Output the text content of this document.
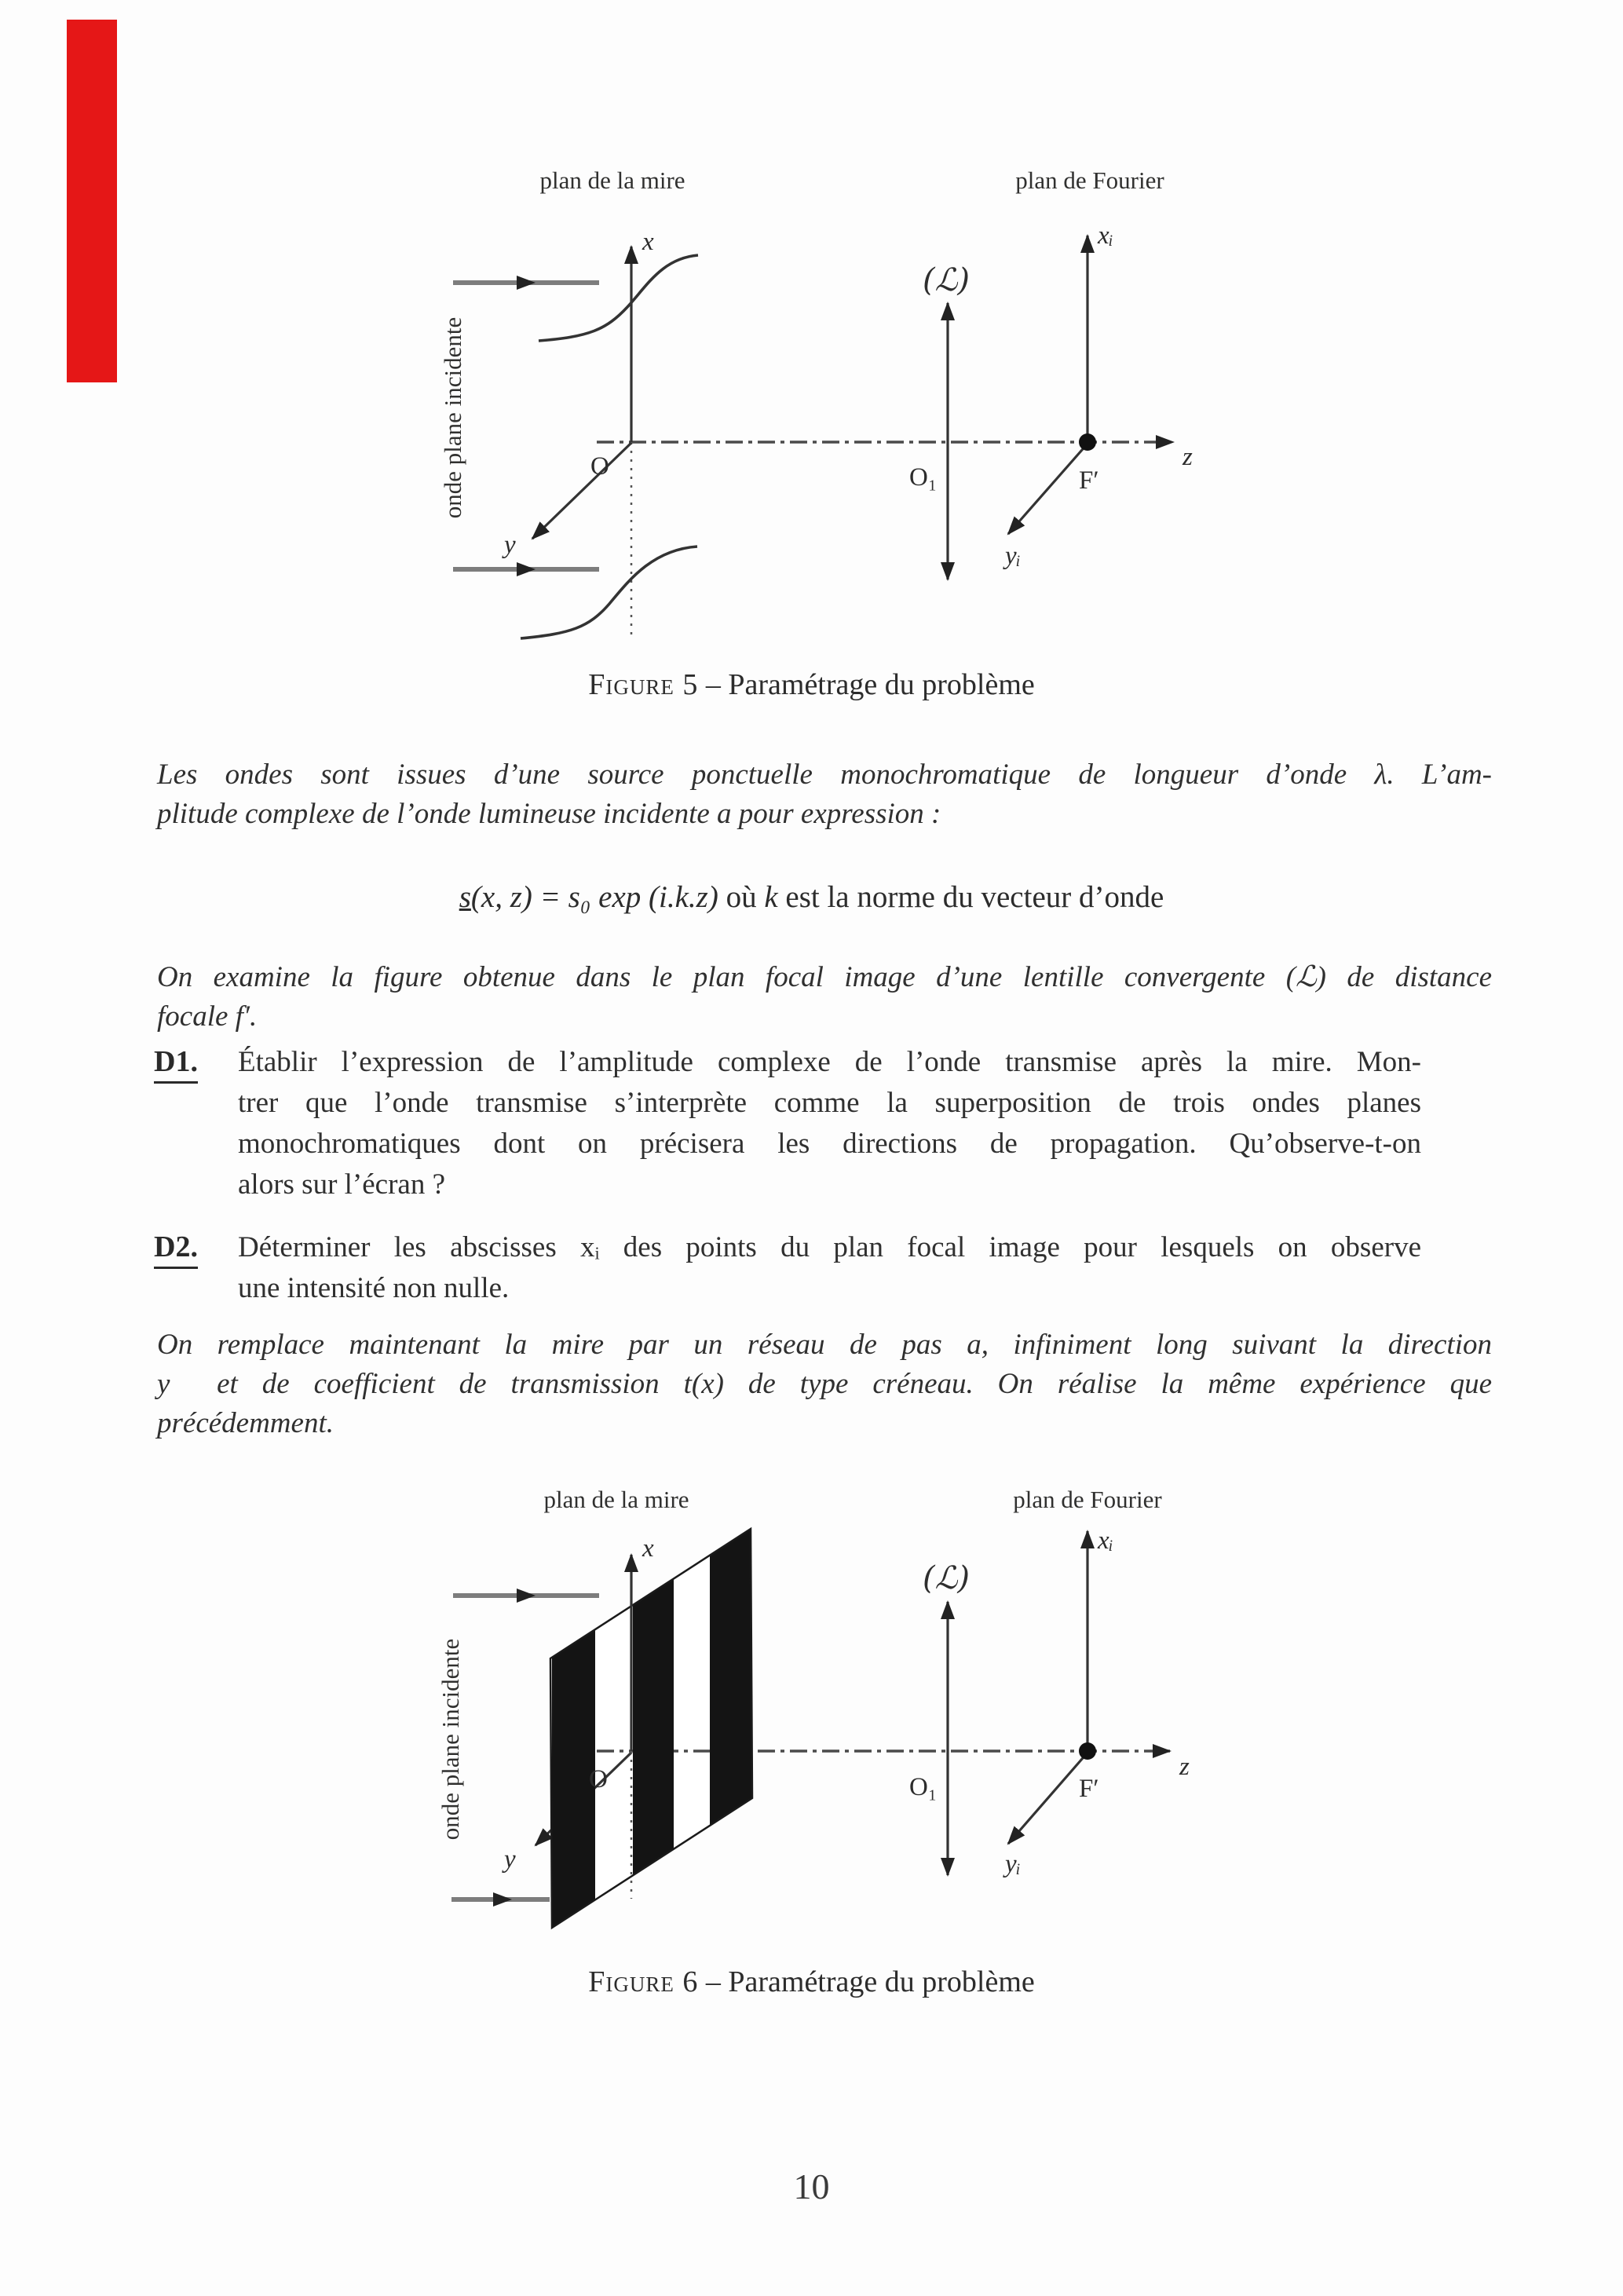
plan de la mire	plan de Fourier
onde plane incidente
x
O
y
z
(ℒ)
O₁
xᵢ
yᵢ
F′
Figure 5 – Paramétrage du problème
Les ondes sont issues d’une source ponctuelle monochromatique de longueur d’onde λ. L’am-
plitude complexe de l’onde lumineuse incidente a pour expression :
s(x, z) = s₀ exp (i.k.z) où k est la norme du vecteur d’onde
On examine la figure obtenue dans le plan focal image d’une lentille convergente (ℒ) de distance
focale f′.
D1. Établir l’expression de l’amplitude complexe de l’onde transmise après la mire. Mon-
trer que l’onde transmise s’interprète comme la superposition de trois ondes planes
monochromatiques dont on précisera les directions de propagation. Qu’observe-t-on
alors sur l’écran ?
D2. Déterminer les abscisses xᵢ des points du plan focal image pour lesquels on observe
une intensité non nulle.
On remplace maintenant la mire par un réseau de pas a, infiniment long suivant la direction
y⃗ et de coefficient de transmission t(x) de type créneau. On réalise la même expérience que
précédemment.
plan de la mire	plan de Fourier
onde plane incidente
x
O
y
z
(ℒ)
O₁
xᵢ
yᵢ
F′
Figure 6 – Paramétrage du problème
10
